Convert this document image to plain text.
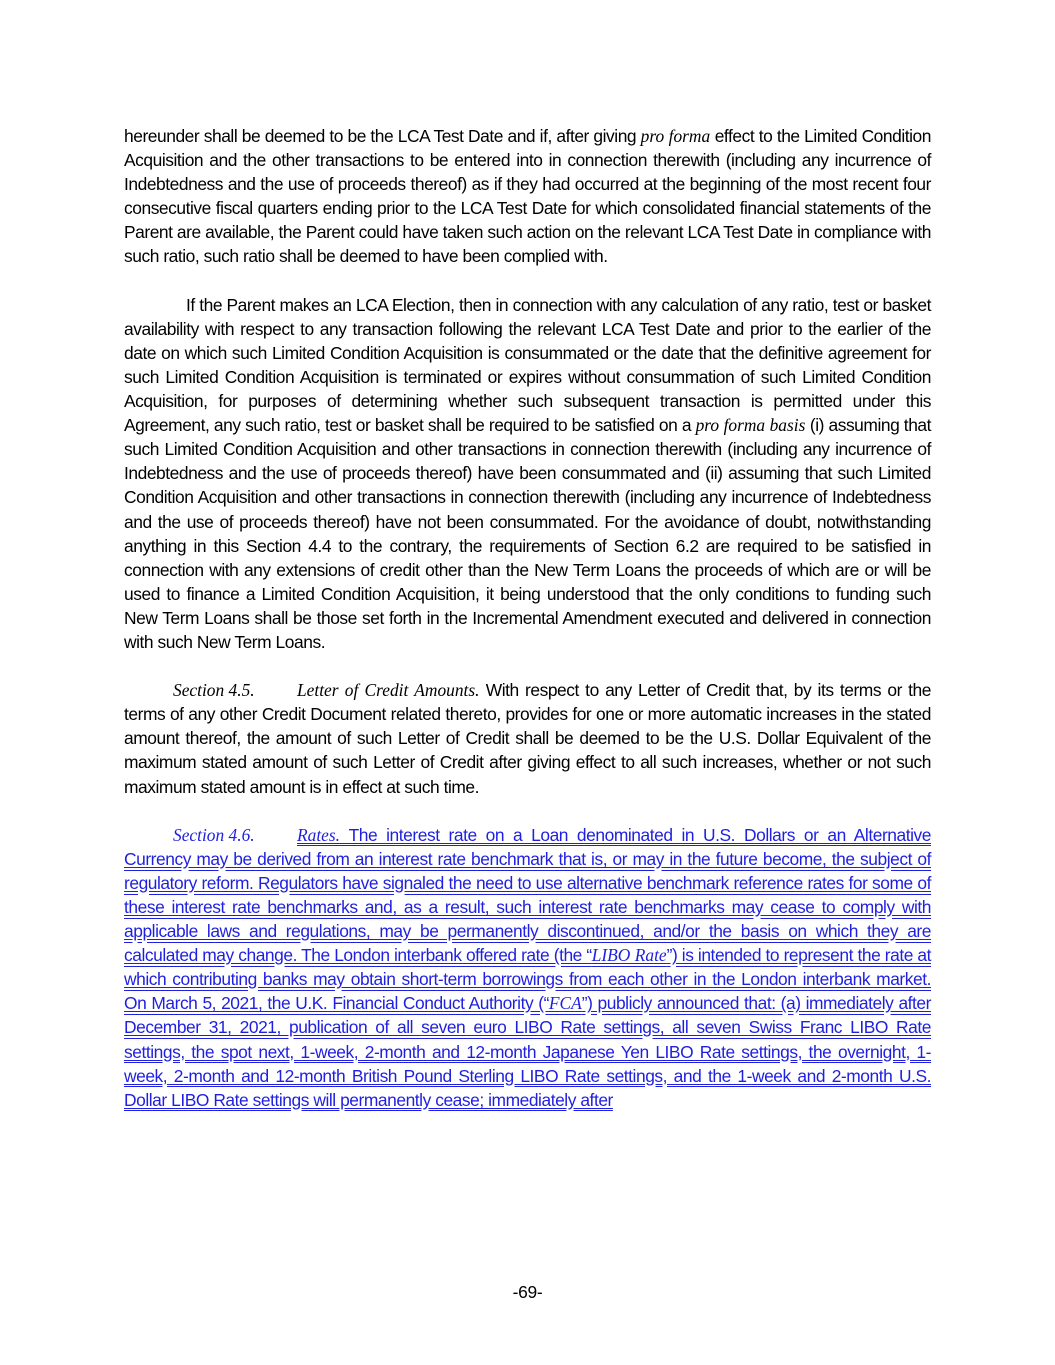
hereunder shall be deemed to be the LCA Test Date and if, after giving pro forma effect to the Limited Condition Acquisition and the other transactions to be entered into in connection therewith (including any incurrence of Indebtedness and the use of proceeds thereof) as if they had occurred at the beginning of the most recent four consecutive fiscal quarters ending prior to the LCA Test Date for which consolidated financial statements of the Parent are available, the Parent could have taken such action on the relevant LCA Test Date in compliance with such ratio, such ratio shall be deemed to have been complied with.

If the Parent makes an LCA Election, then in connection with any calculation of any ratio, test or basket availability with respect to any transaction following the relevant LCA Test Date and prior to the earlier of the date on which such Limited Condition Acquisition is consummated or the date that the definitive agreement for such Limited Condition Acquisition is terminated or expires without consummation of such Limited Condition Acquisition, for purposes of determining whether such subsequent transaction is permitted under this Agreement, any such ratio, test or basket shall be required to be satisfied on a pro forma basis (i) assuming that such Limited Condition Acquisition and other transactions in connection therewith (including any incurrence of Indebtedness and the use of proceeds thereof) have been consummated and (ii) assuming that such Limited Condition Acquisition and other transactions in connection therewith (including any incurrence of Indebtedness and the use of proceeds thereof) have not been consummated. For the avoidance of doubt, notwithstanding anything in this Section 4.4 to the contrary, the requirements of Section 6.2 are required to be satisfied in connection with any extensions of credit other than the New Term Loans the proceeds of which are or will be used to finance a Limited Condition Acquisition, it being understood that the only conditions to funding such New Term Loans shall be those set forth in the Incremental Amendment executed and delivered in connection with such New Term Loans.

Section 4.5. Letter of Credit Amounts. With respect to any Letter of Credit that, by its terms or the terms of any other Credit Document related thereto, provides for one or more automatic increases in the stated amount thereof, the amount of such Letter of Credit shall be deemed to be the U.S. Dollar Equivalent of the maximum stated amount of such Letter of Credit after giving effect to all such increases, whether or not such maximum stated amount is in effect at such time.

Section 4.6. Rates. The interest rate on a Loan denominated in U.S. Dollars or an Alternative Currency may be derived from an interest rate benchmark that is, or may in the future become, the subject of regulatory reform. Regulators have signaled the need to use alternative benchmark reference rates for some of these interest rate benchmarks and, as a result, such interest rate benchmarks may cease to comply with applicable laws and regulations, may be permanently discontinued, and/or the basis on which they are calculated may change. The London interbank offered rate (the “LIBO Rate”) is intended to represent the rate at which contributing banks may obtain short-term borrowings from each other in the London interbank market. On March 5, 2021, the U.K. Financial Conduct Authority (“FCA”) publicly announced that: (a) immediately after December 31, 2021, publication of all seven euro LIBO Rate settings, all seven Swiss Franc LIBO Rate settings, the spot next, 1-week, 2-month and 12-month Japanese Yen LIBO Rate settings, the overnight, 1-week, 2-month and 12-month British Pound Sterling LIBO Rate settings, and the 1-week and 2-month U.S. Dollar LIBO Rate settings will permanently cease; immediately after

-69-
